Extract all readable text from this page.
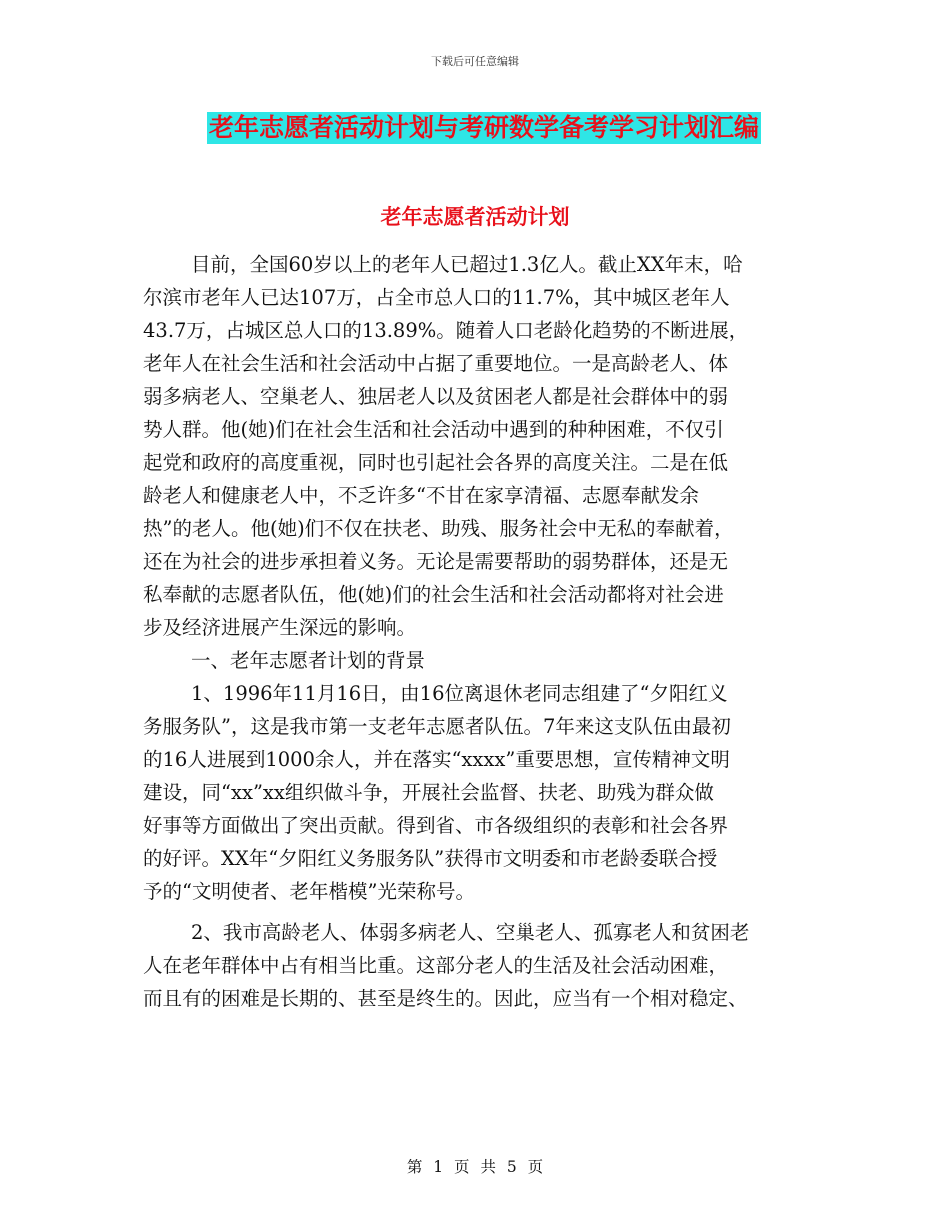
下载后可任意编辑
老年志愿者活动计划与考研数学备考学习计划汇编
老年志愿者活动计划
目前，全国60岁以上的老年人已超过1.3亿人。截止XX年末，哈
尔滨市老年人已达107万，占全市总人口的11.7%，其中城区老年人
43.7万，占城区总人口的13.89%。随着人口老龄化趋势的不断进展，
老年人在社会生活和社会活动中占据了重要地位。一是高龄老人、体
弱多病老人、空巢老人、独居老人以及贫困老人都是社会群体中的弱
势人群。他(她)们在社会生活和社会活动中遇到的种种困难，不仅引
起党和政府的高度重视，同时也引起社会各界的高度关注。二是在低
龄老人和健康老人中，不乏许多“不甘在家享清福、志愿奉献发余
热”的老人。他(她)们不仅在扶老、助残、服务社会中无私的奉献着，
还在为社会的进步承担着义务。无论是需要帮助的弱势群体，还是无
私奉献的志愿者队伍，他(她)们的社会生活和社会活动都将对社会进
步及经济进展产生深远的影响。
一、老年志愿者计划的背景
1、1996年11月16日，由16位离退休老同志组建了“夕阳红义
务服务队”，这是我市第一支老年志愿者队伍。7年来这支队伍由最初
的16人进展到1000余人，并在落实“xxxx”重要思想，宣传精神文明
建设，同“xx”xx组织做斗争，开展社会监督、扶老、助残为群众做
好事等方面做出了突出贡献。得到省、市各级组织的表彰和社会各界
的好评。XX年“夕阳红义务服务队”获得市文明委和市老龄委联合授
予的“文明使者、老年楷模”光荣称号。
2、我市高龄老人、体弱多病老人、空巢老人、孤寡老人和贫困老
人在老年群体中占有相当比重。这部分老人的生活及社会活动困难，
而且有的困难是长期的、甚至是终生的。因此，应当有一个相对稳定、
第 1 页 共 5 页
